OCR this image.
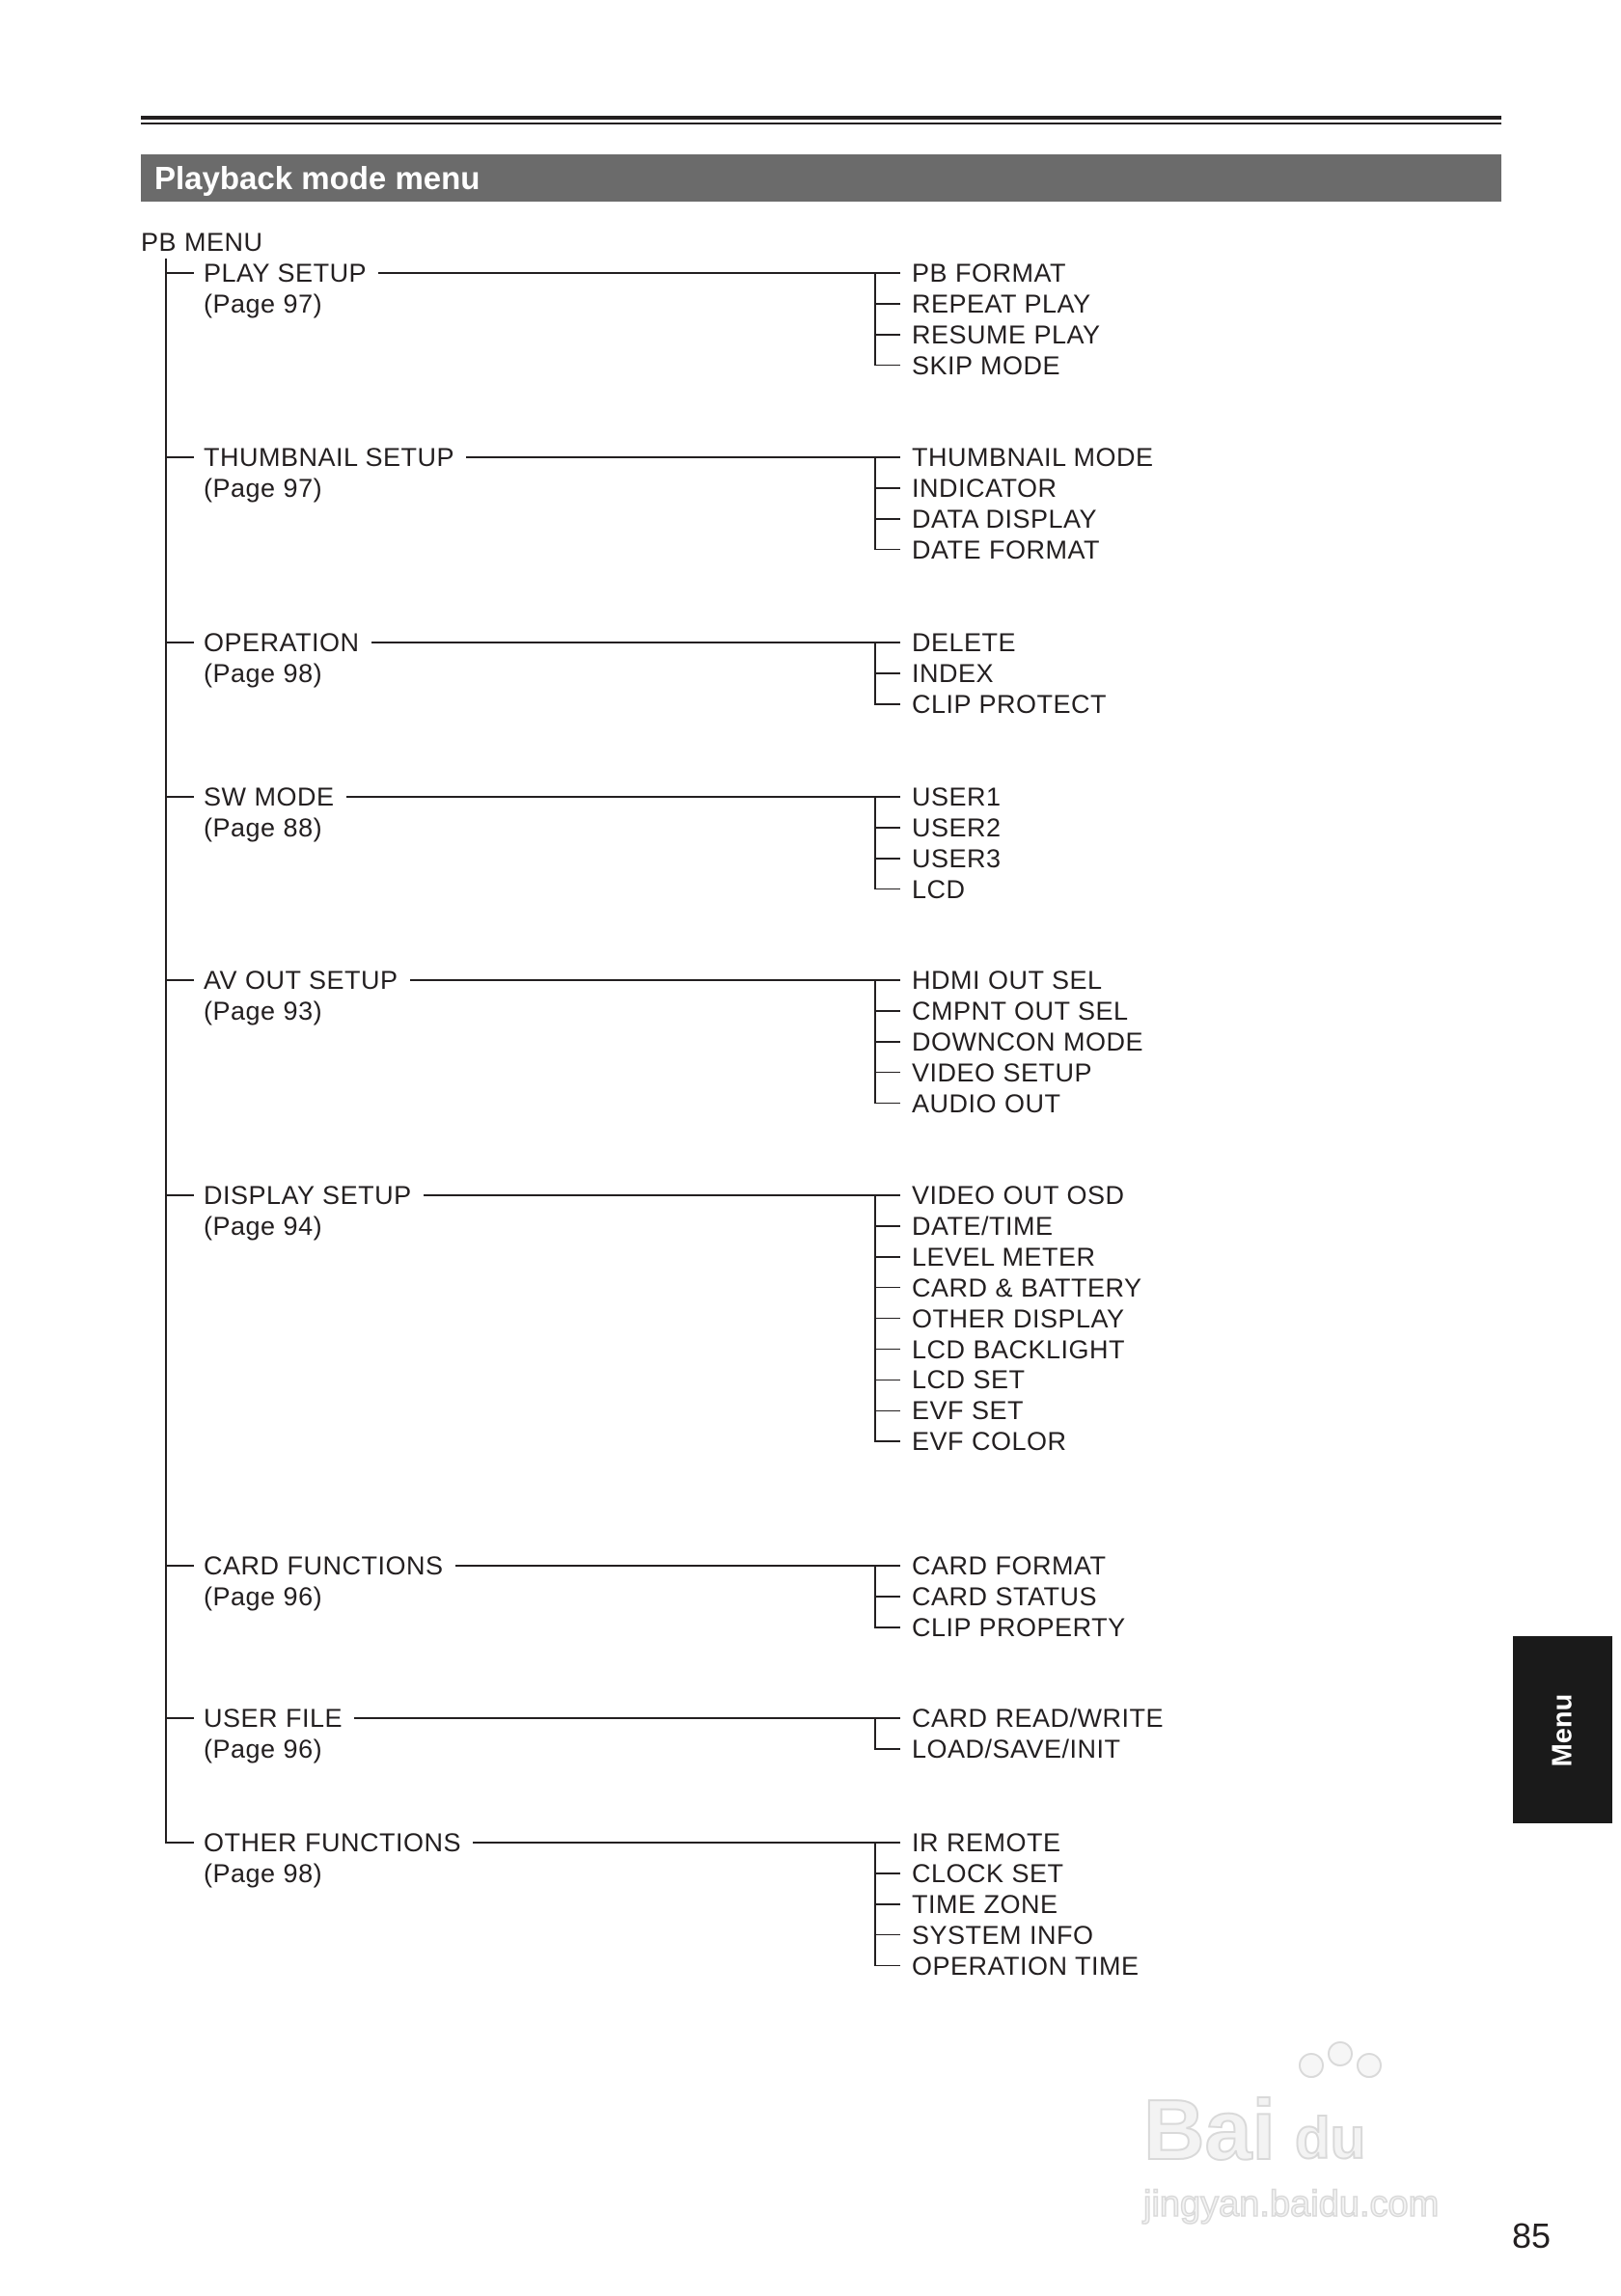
Playback mode menu
PB MENU
PLAY SETUP
(Page 97)
PB FORMAT
REPEAT PLAY
RESUME PLAY
SKIP MODE
THUMBNAIL SETUP
(Page 97)
THUMBNAIL MODE
INDICATOR
DATA DISPLAY
DATE FORMAT
OPERATION
(Page 98)
DELETE
INDEX
CLIP PROTECT
SW MODE
(Page 88)
USER1
USER2
USER3
LCD
AV OUT SETUP
(Page 93)
HDMI OUT SEL
CMPNT OUT SEL
DOWNCON MODE
VIDEO SETUP
AUDIO OUT
DISPLAY SETUP
(Page 94)
VIDEO OUT OSD
DATE/TIME
LEVEL METER
CARD & BATTERY
OTHER DISPLAY
LCD BACKLIGHT
LCD SET
EVF SET
EVF COLOR
CARD FUNCTIONS
(Page 96)
CARD FORMAT
CARD STATUS
CLIP PROPERTY
USER FILE
(Page 96)
CARD READ/WRITE
LOAD/SAVE/INIT
OTHER FUNCTIONS
(Page 98)
IR REMOTE
CLOCK SET
TIME ZONE
SYSTEM INFO
OPERATION TIME
Menu
Bai du
jingyan.baidu.com
85
